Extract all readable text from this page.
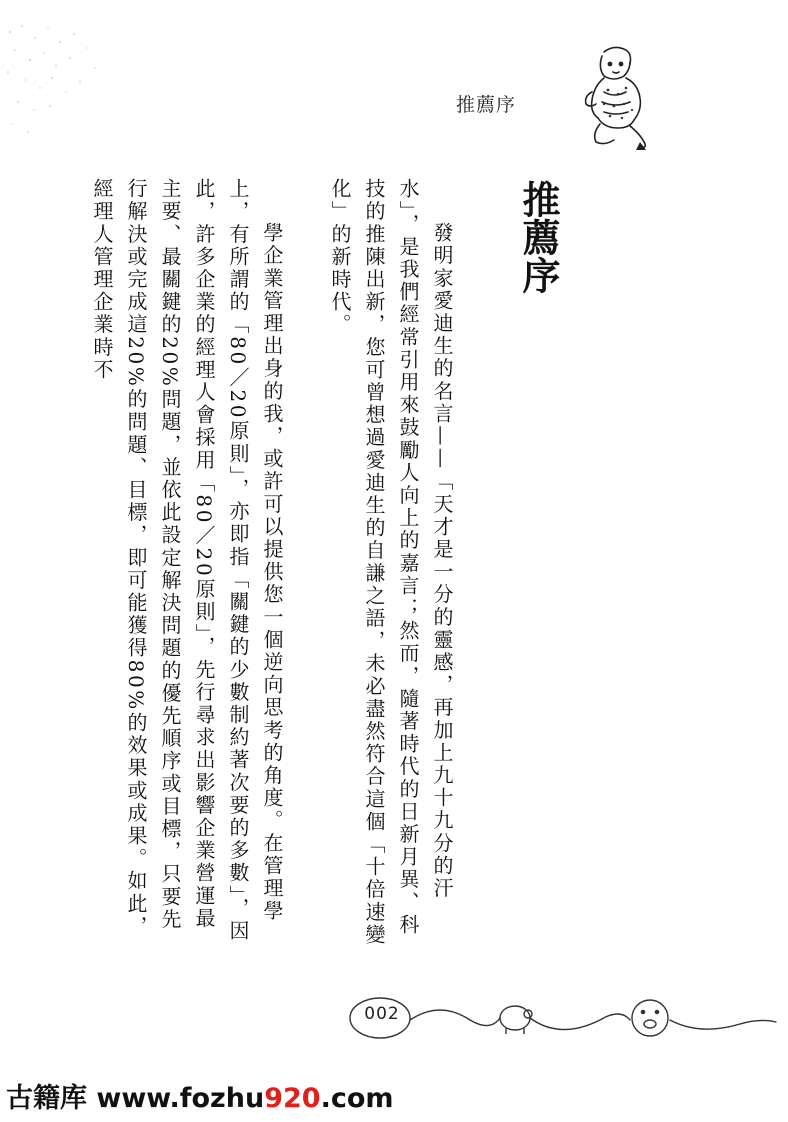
推薦序
推薦序

發明家愛迪生的名言——「天才是一分的靈感，再加上九十九分的汗水」，是我們經常引用來鼓勵人向上的嘉言；然而，隨著時代的日新月異、科技的推陳出新，您可曾想過愛迪生的自謙之語，未必盡然符合這個「十倍速變化」的新時代。

學企業管理出身的我，或許可以提供您一個逆向思考的角度。在管理學上，有所謂的「80／20原則」，亦即指「關鍵的少數制約著次要的多數」，因此，許多企業的經理人會採用「80／20原則」，先行尋求出影響企業營運最主要、最關鍵的20%問題，並依此設定解決問題的優先順序或目標，只要先行解決或完成這20%的問題、目標，即可能獲得80%的效果或成果。如此，經理人管理企業時不

002
古籍库 www.fozhu920.com
